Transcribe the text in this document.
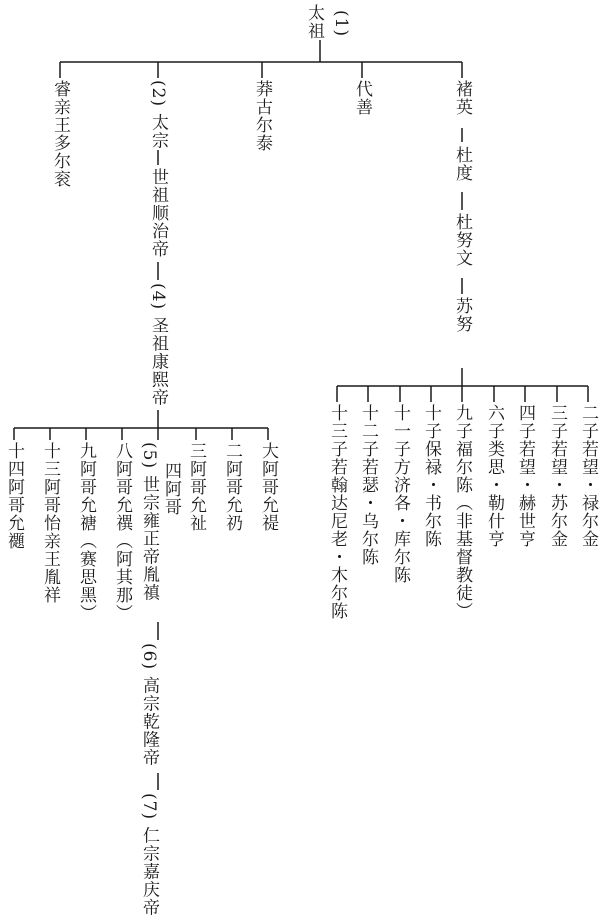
(1)
太祖
睿亲王多尔衮	(2) 太宗	莽古尔泰	代善	褚英
世祖顺治帝
(4) 圣祖康熙帝
十四阿哥允禵 十三阿哥怡亲王胤祥 九阿哥允禟（赛思黑） 八阿哥允禩（阿其那） 四阿哥 三阿哥允祉 二阿哥允礽 大阿哥允禔
(5) 世宗雍正帝胤禛
(6) 高宗乾隆帝
(7) 仁宗嘉庆帝
杜度
杜努文
苏努
十三子若翰达尼老・木尔陈 十二子若瑟・乌尔陈 十一子方济各・库尔陈 十子保禄・书尔陈 九子福尔陈（非基督教徒） 六子类思・勒什亨 四子若望・赫世亨 三子若望・苏尔金 二子若望・禄尔金
